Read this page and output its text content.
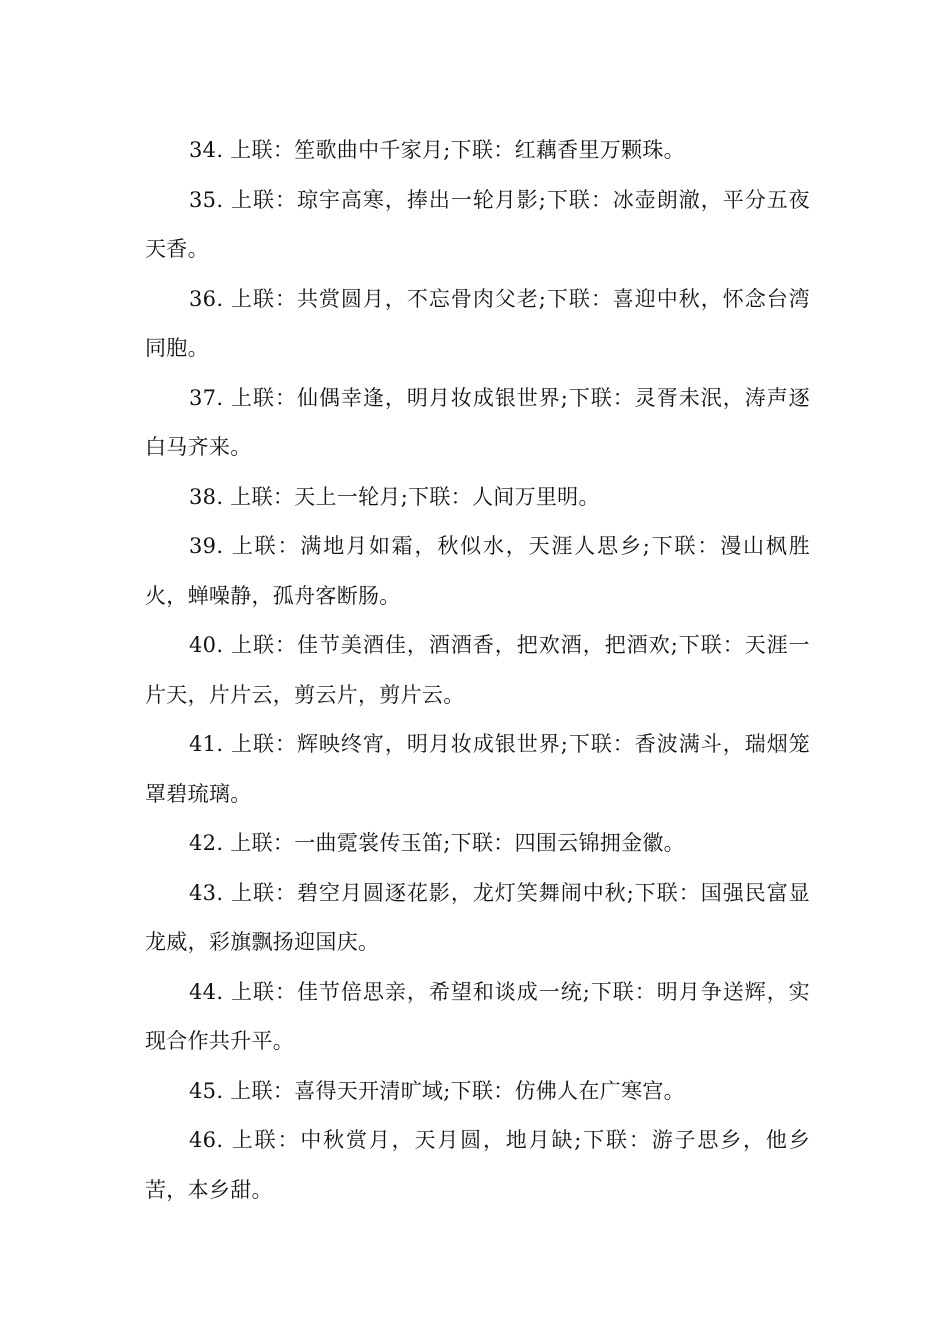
34. 上联：笙歌曲中千家月;下联：红藕香里万颗珠。

35. 上联：琼宇高寒，捧出一轮月影;下联：冰壶朗澈，平分五夜天香。

36. 上联：共赏圆月，不忘骨肉父老;下联：喜迎中秋，怀念台湾同胞。

37. 上联：仙偶幸逢，明月妆成银世界;下联：灵胥未泯，涛声逐白马齐来。

38. 上联：天上一轮月;下联：人间万里明。

39. 上联：满地月如霜，秋似水，天涯人思乡;下联：漫山枫胜火，蝉噪静，孤舟客断肠。

40. 上联：佳节美酒佳，酒酒香，把欢酒，把酒欢;下联：天涯一片天，片片云，剪云片，剪片云。

41. 上联：辉映终宵，明月妆成银世界;下联：香波满斗，瑞烟笼罩碧琉璃。

42. 上联：一曲霓裳传玉笛;下联：四围云锦拥金徽。

43. 上联：碧空月圆逐花影，龙灯笑舞闹中秋;下联：国强民富显龙威，彩旗飘扬迎国庆。

44. 上联：佳节倍思亲，希望和谈成一统;下联：明月争送辉，实现合作共升平。

45. 上联：喜得天开清旷域;下联：仿佛人在广寒宫。

46. 上联：中秋赏月，天月圆，地月缺;下联：游子思乡，他乡苦，本乡甜。
